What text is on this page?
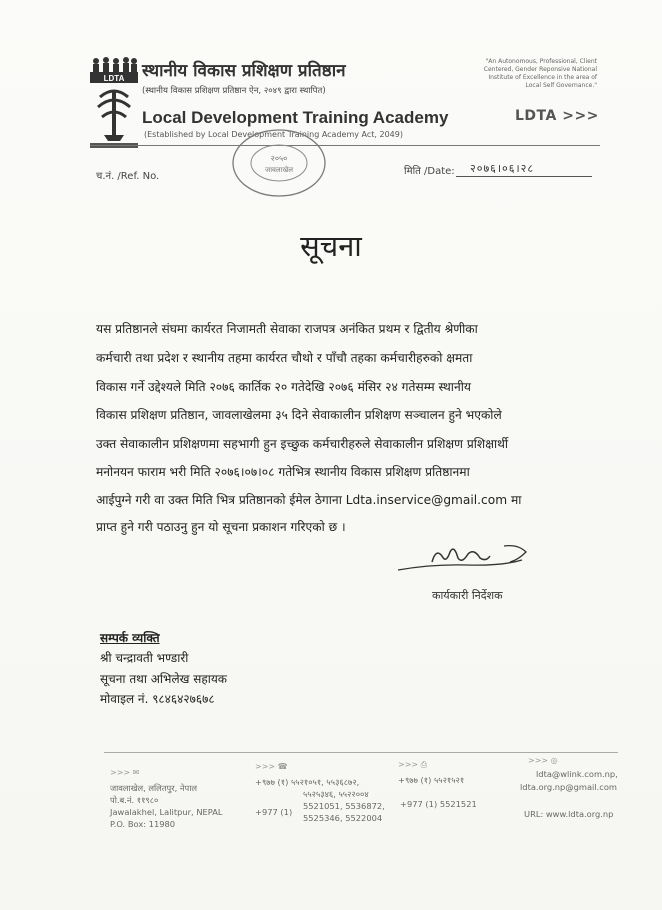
LDTA स्थानीय विकास प्रशिक्षण प्रतिष्ठान
(स्थानीय विकास प्रशिक्षण प्रतिष्ठान ऐन, २०४९ द्वारा स्थापित)
"An Autonomous, Professional, Client Centered, Gender Reponsive National Institute of Excellence in the area of Local Self Governance."
Local Development Training Academy
(Established by Local Development Training Academy Act, 2049)
LDTA >>>
२०५०
जावलाखेल
च.नं. /Ref. No.	मिति /Date: २०७६।०६।२८
सूचना
यस प्रतिष्ठानले संघमा कार्यरत निजामती सेवाका राजपत्र अनंकित प्रथम र द्वितीय श्रेणीका
कर्मचारी तथा प्रदेश र स्थानीय तहमा कार्यरत चौथो र पाँचौ तहका कर्मचारीहरुको क्षमता
विकास गर्ने उद्देश्यले मिति २०७६ कार्तिक २० गतेदेखि २०७६ मंसिर २४ गतेसम्म स्थानीय
विकास प्रशिक्षण प्रतिष्ठान, जावलाखेलमा ३५ दिने सेवाकालीन प्रशिक्षण सञ्चालन हुने भएकोले
उक्त सेवाकालीन प्रशिक्षणमा सहभागी हुन इच्छुक कर्मचारीहरुले सेवाकालीन प्रशिक्षण प्रशिक्षार्थी
मनोनयन फाराम भरी मिति २०७६।०७।०८ गतेभित्र स्थानीय विकास प्रशिक्षण प्रतिष्ठानमा
आईपुग्ने गरी वा उक्त मिति भित्र प्रतिष्ठानको ईमेल ठेगाना Ldta.inservice@gmail.com मा
प्राप्त हुने गरी पठाउनु हुन यो सूचना प्रकाशन गरिएको छ ।
कार्यकारी निर्देशक
सम्पर्क व्यक्ति
श्री चन्द्रावती भण्डारी
सूचना तथा अभिलेख सहायक
मोवाइल नं. ९८४६४२७६७८
>>> ✉
जावलाखेल, ललितपुर, नेपाल
पो.ब.नं. ११९८०
Jawalakhel, Lalitpur, NEPAL
P.O. Box: 11980
>>> ☎
+९७७ (१) ५५२१०५१, ५५३६८७२,
५५२५३४६, ५५२२००४
5521051, 5536872,
5525346, 5522004
+977 (1)
>>> ⎙
+९७७ (१) ५५२१५२१
+977 (1) 5521521
>>> ◎
ldta@wlink.com.np,
ldta.org.np@gmail.com
URL: www.ldta.org.np
